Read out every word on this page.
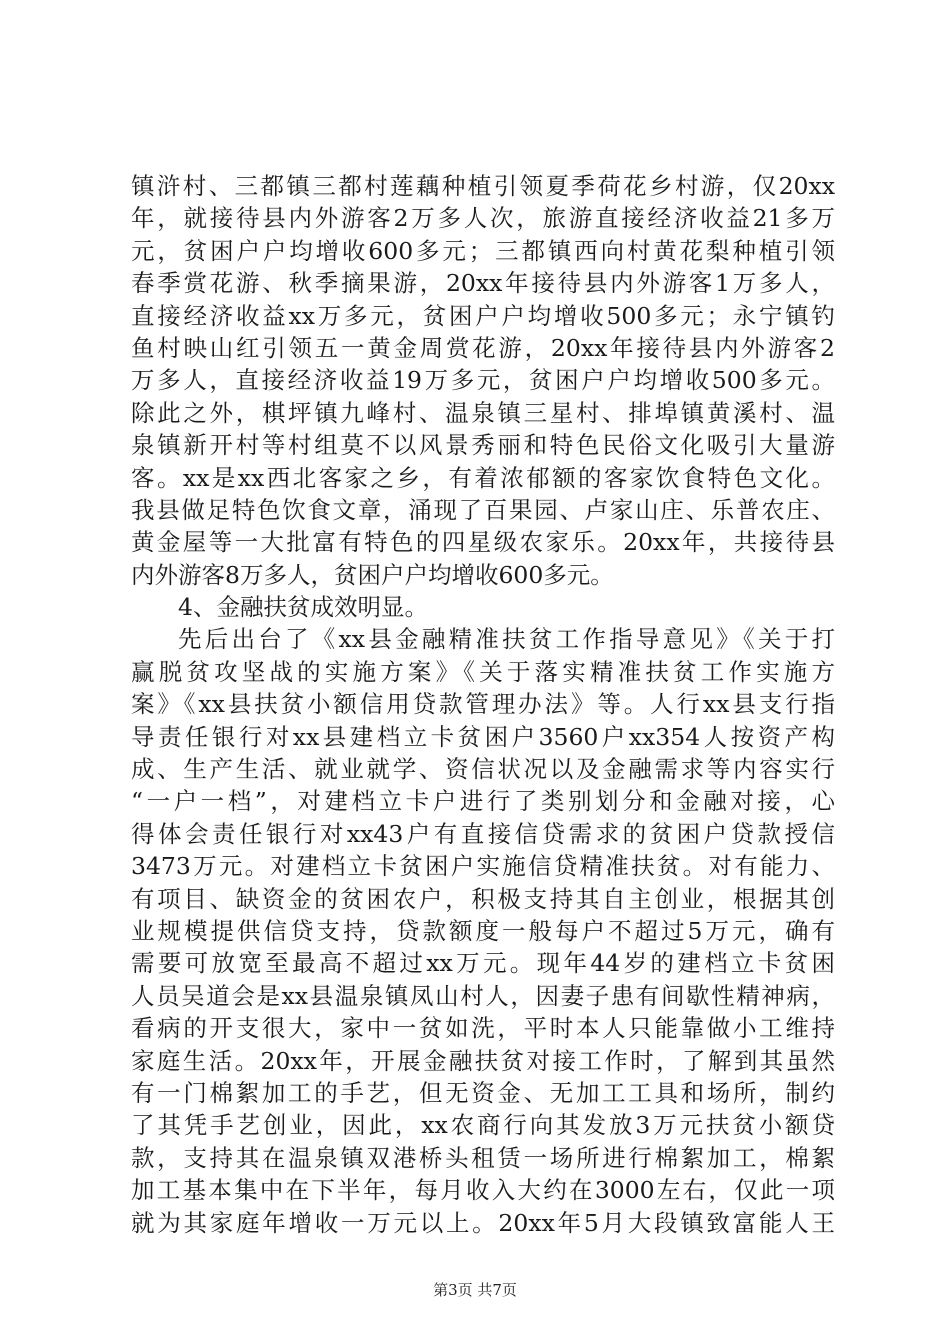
镇浒村、三都镇三都村莲藕种植引领夏季荷花乡村游，仅20xx
年，就接待县内外游客2万多人次，旅游直接经济收益21多万
元，贫困户户均增收600多元；三都镇西向村黄花梨种植引领
春季赏花游、秋季摘果游，20xx年接待县内外游客1万多人，
直接经济收益xx万多元，贫困户户均增收500多元；永宁镇钓
鱼村映山红引领五一黄金周赏花游，20xx年接待县内外游客2
万多人，直接经济收益19万多元，贫困户户均增收500多元。
除此之外，棋坪镇九峰村、温泉镇三星村、排埠镇黄溪村、温
泉镇新开村等村组莫不以风景秀丽和特色民俗文化吸引大量游
客。xx是xx西北客家之乡，有着浓郁额的客家饮食特色文化。
我县做足特色饮食文章，涌现了百果园、卢家山庄、乐普农庄、
黄金屋等一大批富有特色的四星级农家乐。20xx年，共接待县
内外游客8万多人，贫困户户均增收600多元。
4、金融扶贫成效明显。
先后出台了《xx县金融精准扶贫工作指导意见》《关于打
赢脱贫攻坚战的实施方案》《关于落实精准扶贫工作实施方
案》《xx县扶贫小额信用贷款管理办法》等。人行xx县支行指
导责任银行对xx县建档立卡贫困户3560户xx354人按资产构
成、生产生活、就业就学、资信状况以及金融需求等内容实行
“一户一档”，对建档立卡户进行了类别划分和金融对接，心
得体会责任银行对xx43户有直接信贷需求的贫困户贷款授信
3473万元。对建档立卡贫困户实施信贷精准扶贫。对有能力、
有项目、缺资金的贫困农户，积极支持其自主创业，根据其创
业规模提供信贷支持，贷款额度一般每户不超过5万元，确有
需要可放宽至最高不超过xx万元。现年44岁的建档立卡贫困
人员吴道会是xx县温泉镇凤山村人，因妻子患有间歇性精神病，
看病的开支很大，家中一贫如洗，平时本人只能靠做小工维持
家庭生活。20xx年，开展金融扶贫对接工作时，了解到其虽然
有一门棉絮加工的手艺，但无资金、无加工工具和场所，制约
了其凭手艺创业，因此，xx农商行向其发放3万元扶贫小额贷
款，支持其在温泉镇双港桥头租赁一场所进行棉絮加工，棉絮
加工基本集中在下半年，每月收入大约在3000左右，仅此一项
就为其家庭年增收一万元以上。20xx年5月大段镇致富能人王
第3页 共7页
